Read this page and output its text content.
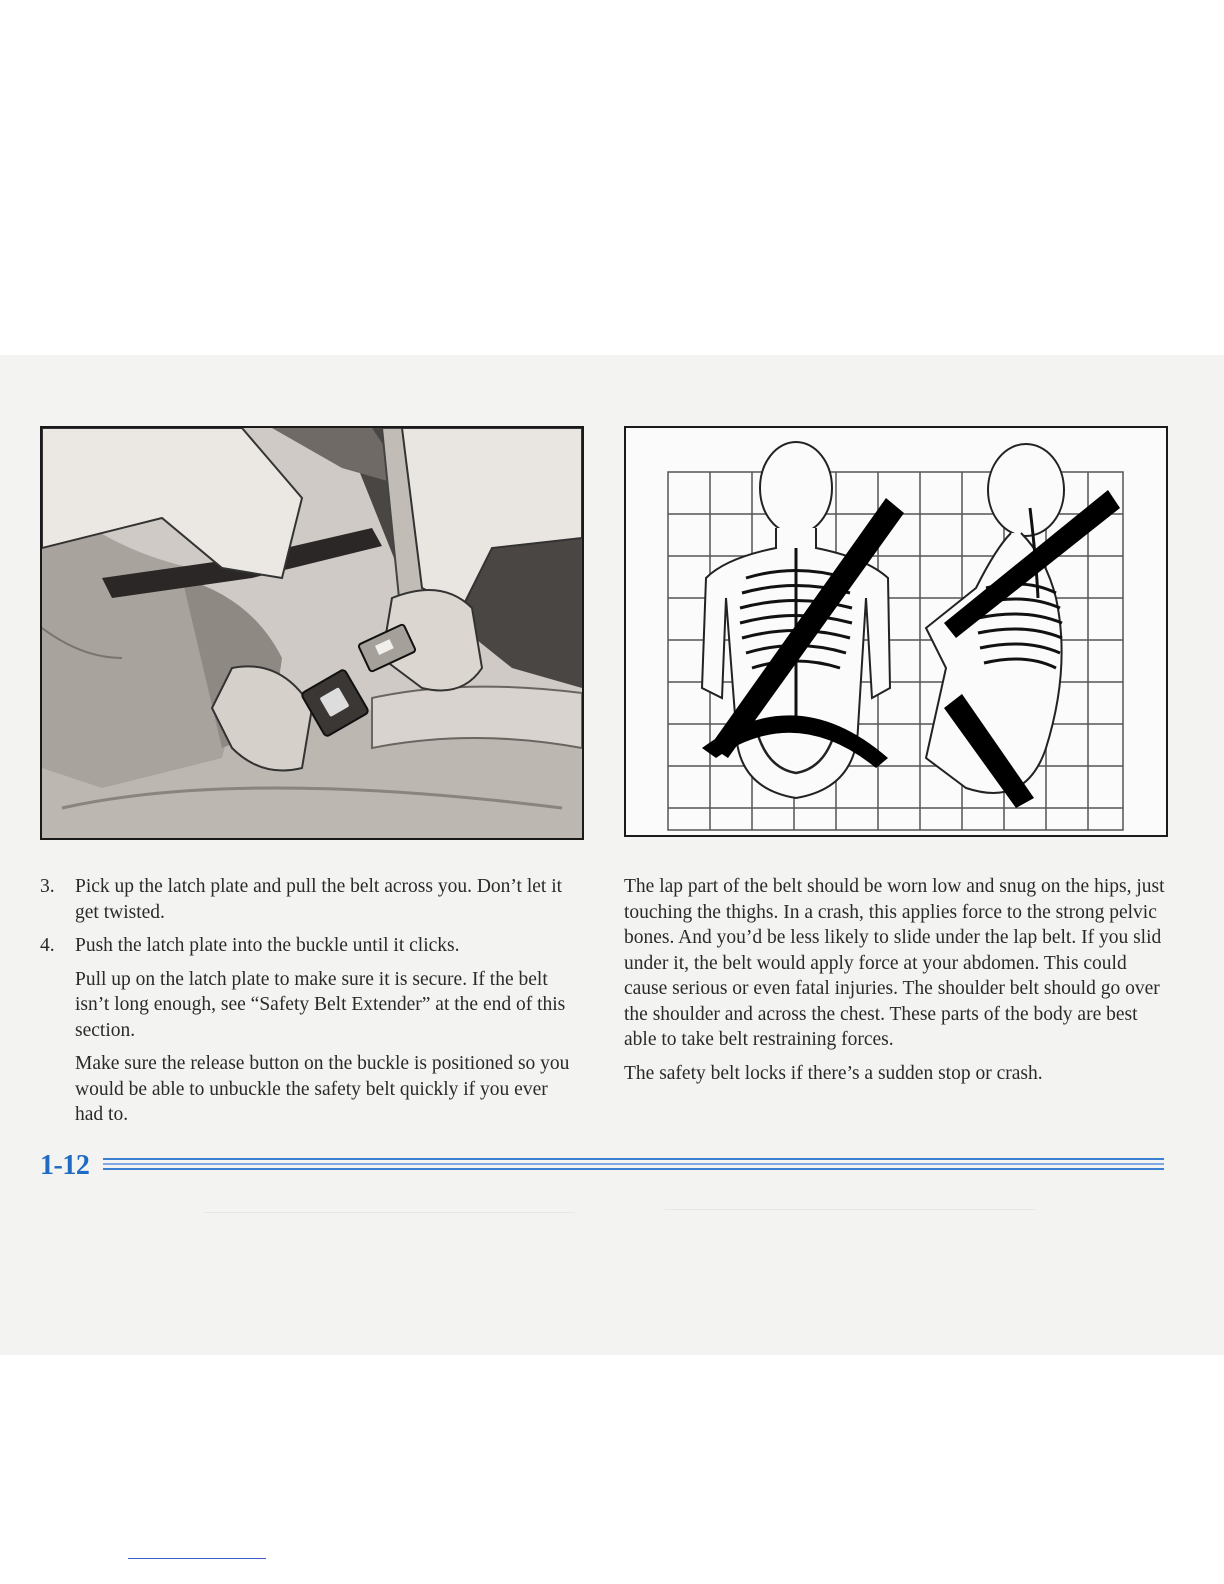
3.	Pick up the latch plate and pull the belt across you. Don’t let it get twisted.
4.	Push the latch plate into the buckle until it clicks.

Pull up on the latch plate to make sure it is secure. If the belt isn’t long enough, see “Safety Belt Extender” at the end of this section.

Make sure the release button on the buckle is positioned so you would be able to unbuckle the safety belt quickly if you ever had to.

The lap part of the belt should be worn low and snug on the hips, just touching the thighs. In a crash, this applies force to the strong pelvic bones. And you’d be less likely to slide under the lap belt. If you slid under it, the belt would apply force at your abdomen. This could cause serious or even fatal injuries. The shoulder belt should go over the shoulder and across the chest. These parts of the body are best able to take belt restraining forces.

The safety belt locks if there’s a sudden stop or crash.

1-12
